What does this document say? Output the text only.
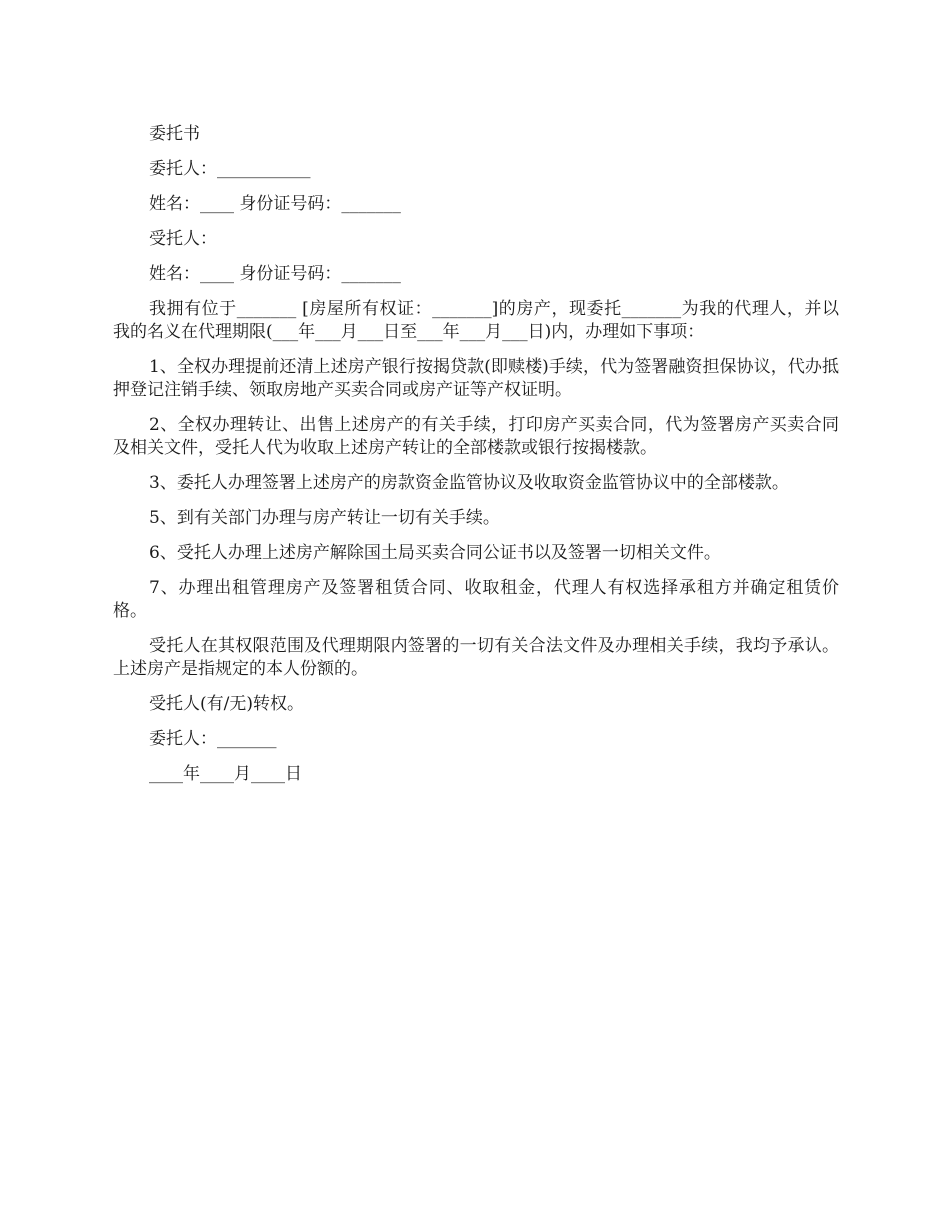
委托书

委托人：___________

姓名：____ 身份证号码：_______

受托人：

姓名：____ 身份证号码：_______

我拥有位于_______ [房屋所有权证：_______]的房产，现委托_______为我的代理人，并以我的名义在代理期限(___年___月___日至___年___月___日)内，办理如下事项：

1、全权办理提前还清上述房产银行按揭贷款(即赎楼)手续，代为签署融资担保协议，代办抵押登记注销手续、领取房地产买卖合同或房产证等产权证明。

2、全权办理转让、出售上述房产的有关手续，打印房产买卖合同，代为签署房产买卖合同及相关文件，受托人代为收取上述房产转让的全部楼款或银行按揭楼款。

3、委托人办理签署上述房产的房款资金监管协议及收取资金监管协议中的全部楼款。

5、到有关部门办理与房产转让一切有关手续。

6、受托人办理上述房产解除国土局买卖合同公证书以及签署一切相关文件。

7、办理出租管理房产及签署租赁合同、收取租金，代理人有权选择承租方并确定租赁价格。

受托人在其权限范围及代理期限内签署的一切有关合法文件及办理相关手续，我均予承认。上述房产是指规定的本人份额的。

受托人(有/无)转权。

委托人：_______

____年____月____日
